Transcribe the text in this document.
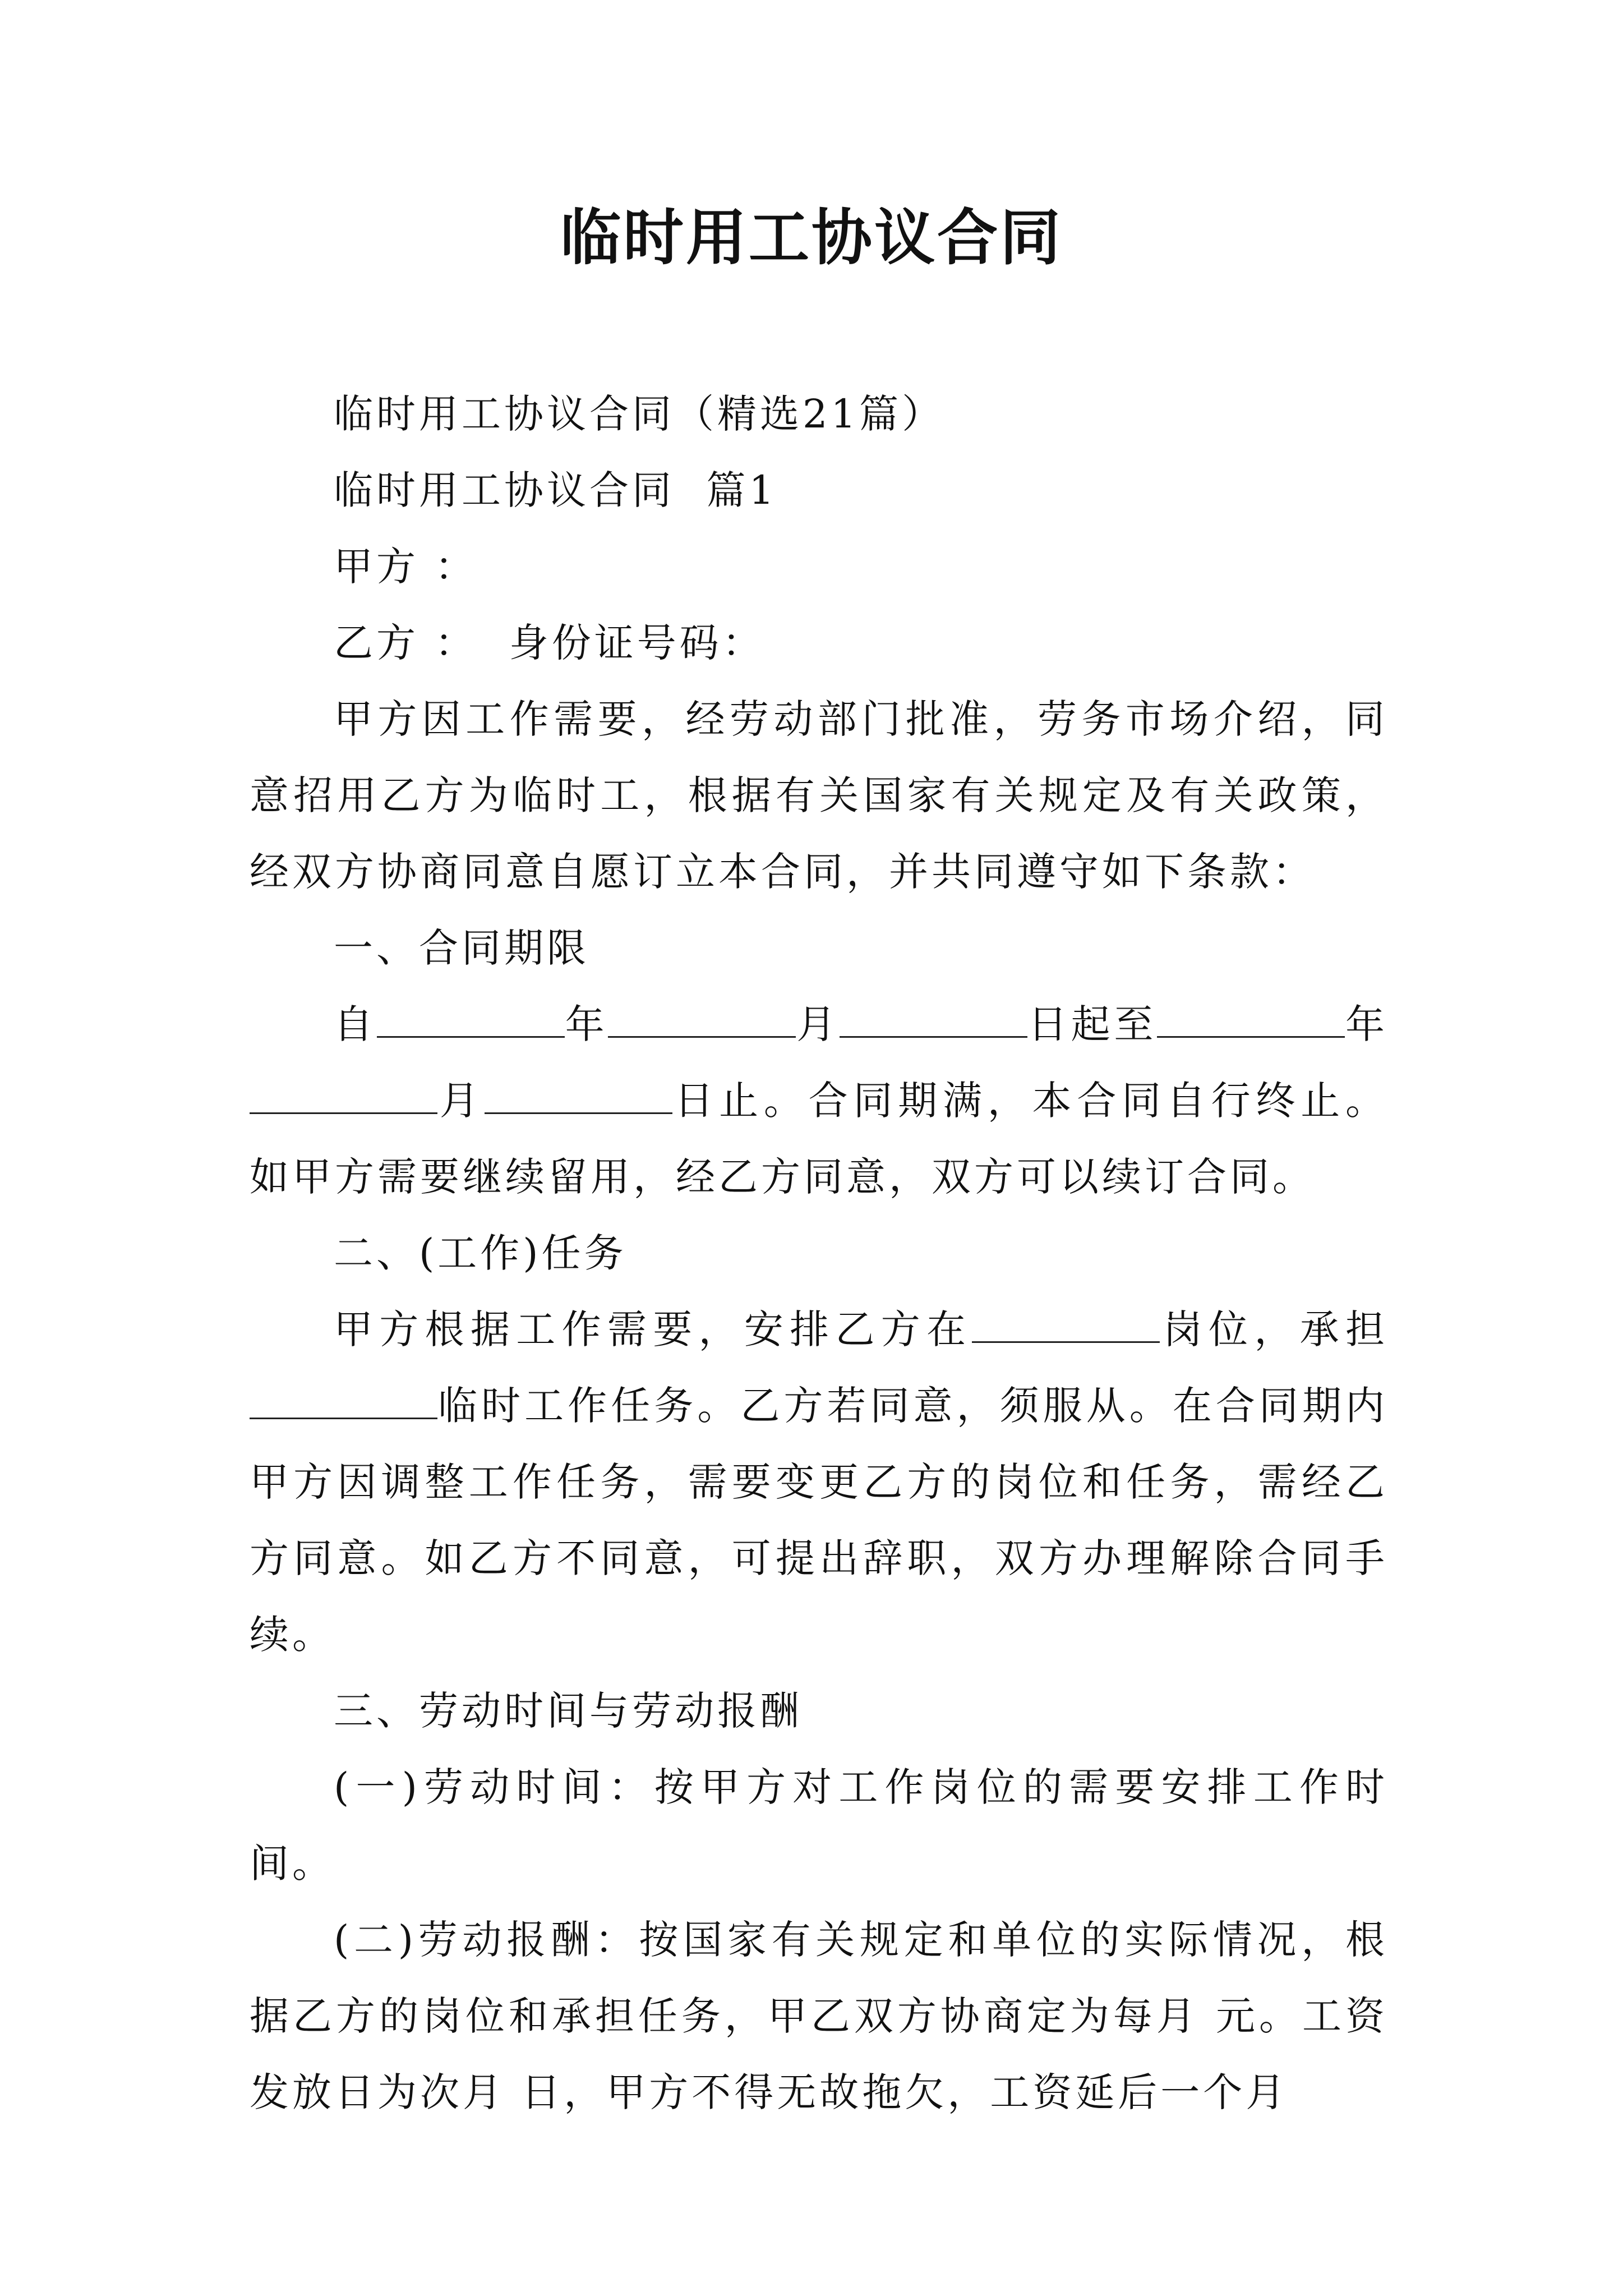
临时用工协议合同

临时用工协议合同（精选21篇）

临时用工协议合同  篇1

甲方 ：

乙方 ：  身份证号码：

甲方因工作需要，经劳动部门批准，劳务市场介绍，同意招用乙方为临时工，根据有关国家有关规定及有关政策，经双方协商同意自愿订立本合同，并共同遵守如下条款：

一、合同期限

自	年	月	日起至	年月	日止。合同期满，本合同自行终止。如甲方需要继续留用，经乙方同意，双方可以续订合同。

二、(工作)任务

甲方根据工作需要，安排乙方在	岗位，承担临时工作任务。乙方若同意，须服从。在合同期内甲方因调整工作任务，需要变更乙方的岗位和任务，需经乙方同意。如乙方不同意，可提出辞职，双方办理解除合同手续。

三、劳动时间与劳动报酬

(一)劳动时间：按甲方对工作岗位的需要安排工作时间。

(二)劳动报酬：按国家有关规定和单位的实际情况，根据乙方的岗位和承担任务，甲乙双方协商定为每月 元。工资发放日为次月 日，甲方不得无故拖欠，工资延后一个月
